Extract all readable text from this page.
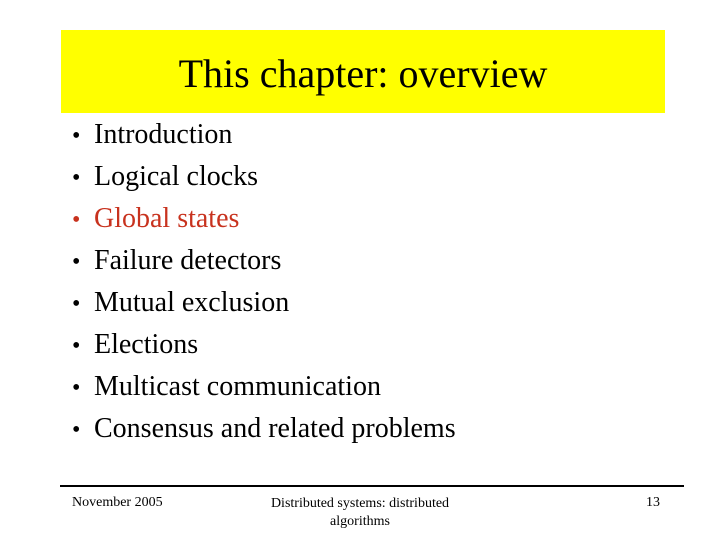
This chapter: overview
• Introduction
• Logical clocks
• Global states
• Failure detectors
• Mutual exclusion
• Elections
• Multicast communication
• Consensus and related problems
November 2005	Distributed systems: distributed
algorithms
13
